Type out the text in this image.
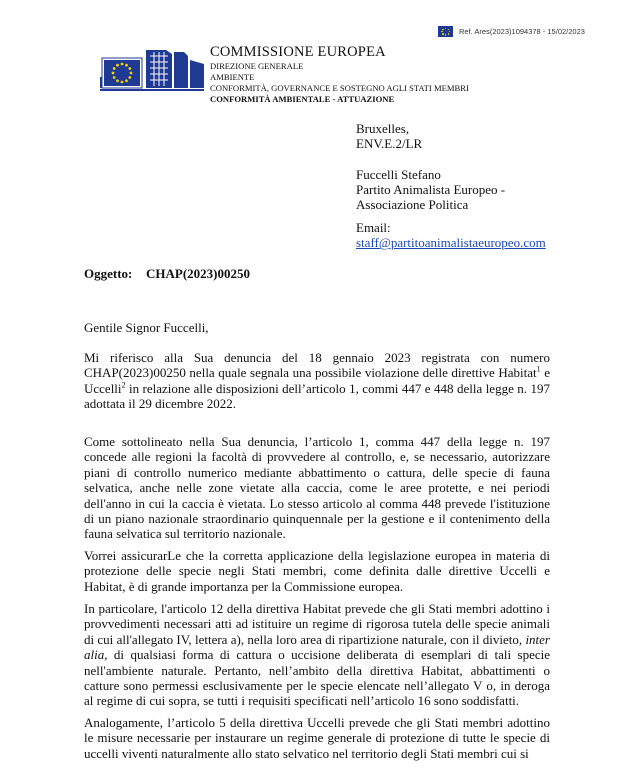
Ref. Ares(2023)1094378 - 15/02/2023
COMMISSIONE EUROPEA
DIREZIONE GENERALE
AMBIENTE
CONFORMITÀ, GOVERNANCE E SOSTEGNO AGLI STATI MEMBRI
CONFORMITÀ AMBIENTALE - ATTUAZIONE
Bruxelles,
ENV.E.2/LR
Fuccelli Stefano
Partito Animalista Europeo -
Associazione Politica
Email:
staff@partitoanimalistaeuropeo.com
Oggetto: CHAP(2023)00250
Gentile Signor Fuccelli,

Mi riferisco alla Sua denuncia del 18 gennaio 2023 registrata con numero CHAP(2023)00250 nella quale segnala una possibile violazione delle direttive Habitat$^1$ e Uccelli$^2$ in relazione alle disposizioni dell’articolo 1, commi 447 e 448 della legge n. 197 adottata il 29 dicembre 2022.

Come sottolineato nella Sua denuncia, l’articolo 1, comma 447 della legge n. 197 concede alle regioni la facoltà di provvedere al controllo, e, se necessario, autorizzare piani di controllo numerico mediante abbattimento o cattura, delle specie di fauna selvatica, anche nelle zone vietate alla caccia, come le aree protette, e nei periodi dell'anno in cui la caccia è vietata. Lo stesso articolo al comma 448 prevede l'istituzione di un piano nazionale straordinario quinquennale per la gestione e il contenimento della fauna selvatica sul territorio nazionale.

Vorrei assicurarLe che la corretta applicazione della legislazione europea in materia di protezione delle specie negli Stati membri, come definita dalle direttive Uccelli e Habitat, è di grande importanza per la Commissione europea.

In particolare, l'articolo 12 della direttiva Habitat prevede che gli Stati membri adottino i provvedimenti necessari atti ad istituire un regime di rigorosa tutela delle specie animali di cui all'allegato IV, lettera a), nella loro area di ripartizione naturale, con il divieto, inter alia, di qualsiasi forma di cattura o uccisione deliberata di esemplari di tali specie nell'ambiente naturale. Pertanto, nell’ambito della direttiva Habitat, abbattimenti o catture sono permessi esclusivamente per le specie elencate nell’allegato V o, in deroga al regime di cui sopra, se tutti i requisiti specificati nell’articolo 16 sono soddisfatti.

Analogamente, l’articolo 5 della direttiva Uccelli prevede che gli Stati membri adottino le misure necessarie per instaurare un regime generale di protezione di tutte le specie di uccelli viventi naturalmente allo stato selvatico nel territorio degli Stati membri cui si
